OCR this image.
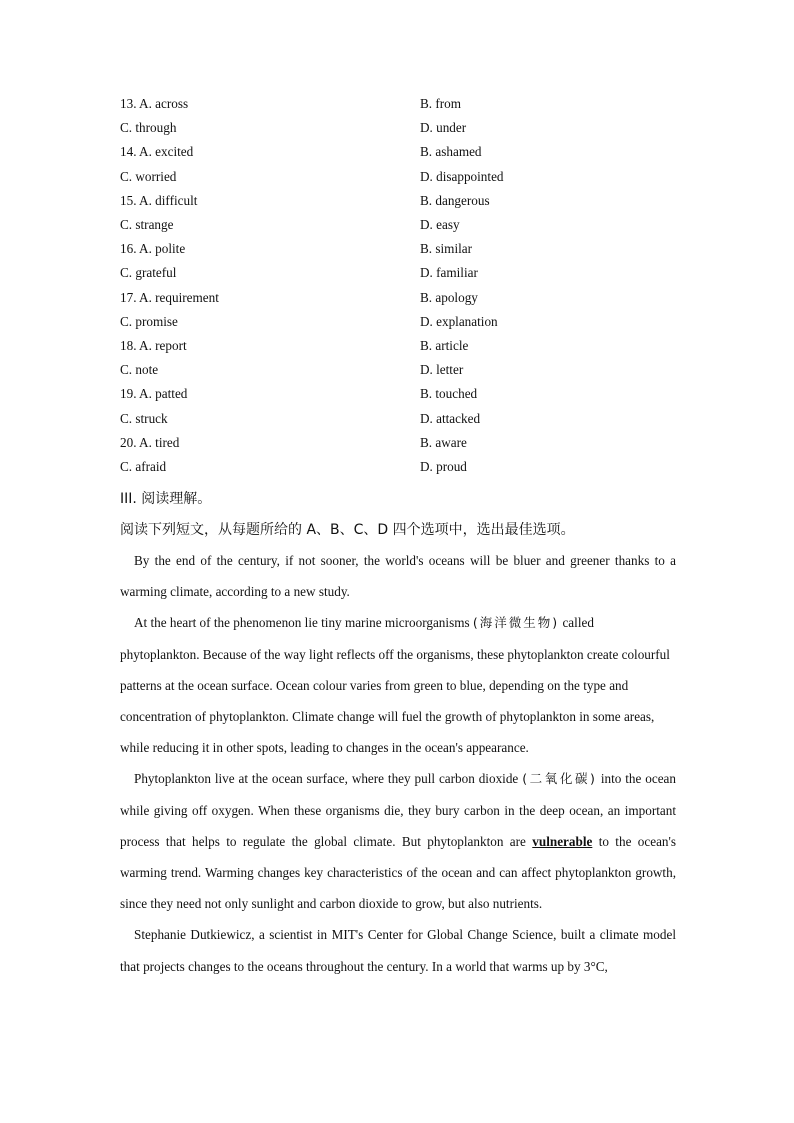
13. A. across	B. from
C. through	D. under
14. A. excited	B. ashamed
C. worried	D. disappointed
15. A. difficult	B. dangerous
C. strange	D. easy
16. A. polite	B. similar
C. grateful	D. familiar
17. A. requirement	B. apology
C. promise	D. explanation
18. A. report	B. article
C. note	D. letter
19. A. patted	B. touched
C. struck	D. attacked
20. A. tired	B. aware
C. afraid	D. proud
III. 阅读理解。
阅读下列短文，从每题所给的 A、B、C、D 四个选项中，选出最佳选项。

By the end of the century, if not sooner, the world's oceans will be bluer and greener thanks to a warming climate, according to a new study.

At the heart of the phenomenon lie tiny marine microorganisms (海洋微生物) called phytoplankton. Because of the way light reflects off the organisms, these phytoplankton create colourful patterns at the ocean surface. Ocean colour varies from green to blue, depending on the type and concentration of phytoplankton. Climate change will fuel the growth of phytoplankton in some areas, while reducing it in other spots, leading to changes in the ocean's appearance.

Phytoplankton live at the ocean surface, where they pull carbon dioxide (二氧化碳) into the ocean while giving off oxygen. When these organisms die, they bury carbon in the deep ocean, an important process that helps to regulate the global climate. But phytoplankton are vulnerable to the ocean's warming trend. Warming changes key characteristics of the ocean and can affect phytoplankton growth, since they need not only sunlight and carbon dioxide to grow, but also nutrients.

Stephanie Dutkiewicz, a scientist in MIT's Center for Global Change Science, built a climate model that projects changes to the oceans throughout the century. In a world that warms up by 3°C,
